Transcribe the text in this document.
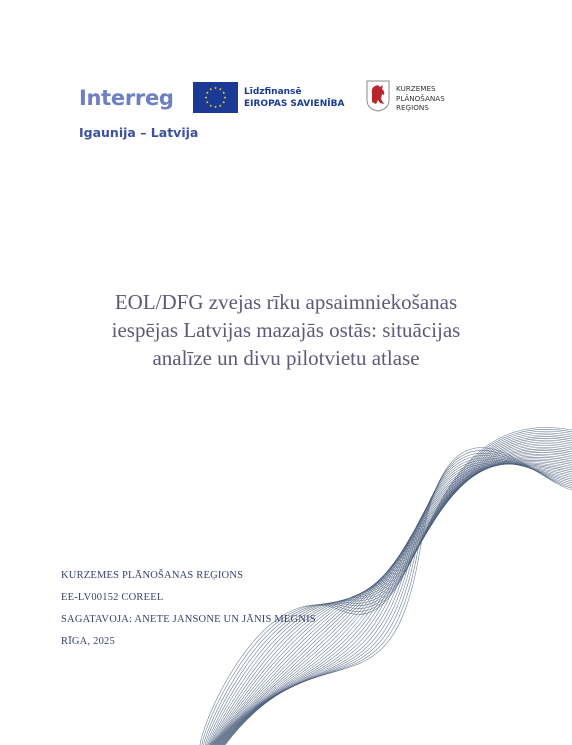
Interreg
Igaunija – Latvija
Līdzfinansē
EIROPAS SAVIENĪBA
KURZEMES
PLĀNOŠANAS
REĢIONS
EOL/DFG zvejas rīku apsaimniekošanas
iespējas Latvijas mazajās ostās: situācijas
analīze un divu pilotvietu atlase
KURZEMES PLĀNOŠANAS REĢIONS
EE-LV00152 COREEL
SAGATAVOJA: ANETE JANSONE UN JĀNIS MEGNIS
RĪGA, 2025
